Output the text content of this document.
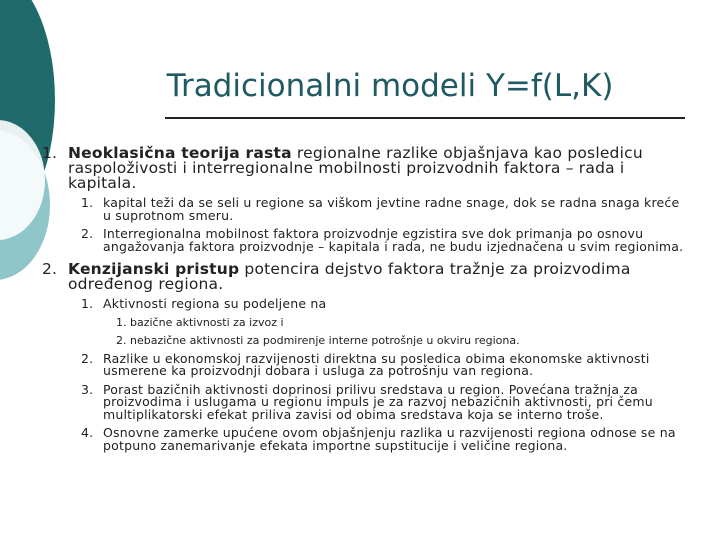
Tradicionalni modeli Y=f(L,K)
1. Neoklasična teorija rasta regionalne razlike objašnjava kao posledicu raspoloživosti i interregionalne mobilnosti proizvodnih faktora – rada i kapitala.
1. kapital teži da se seli u regione sa viškom jevtine radne snage, dok se radna snaga kreće u suprotnom smeru.
2. Interregionalna mobilnost faktora proizvodnje egzistira sve dok primanja po osnovu angažovanja faktora proizvodnje – kapitala i rada, ne budu izjednačena u svim regionima.
2. Kenzijanski pristup potencira dejstvo faktora tražnje za proizvodima određenog regiona.
1. Aktivnosti regiona su podeljene na
1. bazične aktivnosti za izvoz i
2. nebazične aktivnosti za podmirenje interne potrošnje u okviru regiona.
2. Razlike u ekonomskoj razvijenosti direktna su posledica obima ekonomske aktivnosti usmerene ka proizvodnji dobara i usluga za potrošnju van regiona.
3. Porast bazičnih aktivnosti doprinosi prilivu sredstava u region. Povećana tražnja za proizvodima i uslugama u regionu impuls je za razvoj nebazičnih aktivnosti, pri čemu multiplikatorski efekat priliva zavisi od obima sredstava koja se interno troše.
4. Osnovne zamerke upućene ovom objašnjenju razlika u razvijenosti regiona odnose se na potpuno zanemarivanje efekata importne supstitucije i veličine regiona.
